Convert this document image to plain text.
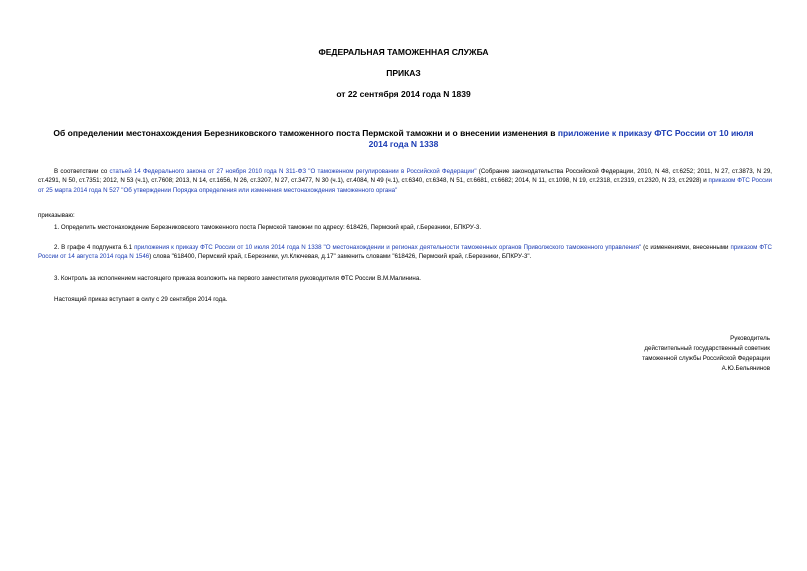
ФЕДЕРАЛЬНАЯ ТАМОЖЕННАЯ СЛУЖБА
ПРИКАЗ
от 22 сентября 2014 года N 1839
Об определении местонахождения Березниковского таможенного поста Пермской таможни и о внесении изменения в приложение к приказу ФТС России от 10 июля 2014 года N 1338
В соответствии со статьей 14 Федерального закона от 27 ноября 2010 года N 311-ФЗ "О таможенном регулировании в Российской Федерации" (Собрание законодательства Российской Федерации, 2010, N 48, ст.6252; 2011, N 27, ст.3873, N 29, ст.4291, N 50, ст.7351; 2012, N 53 (ч.1), ст.7608; 2013, N 14, ст.1656, N 26, ст.3207, N 27, ст.3477, N 30 (ч.1), ст.4084, N 49 (ч.1), ст.6340, ст.6348, N 51, ст.6681, ст.6682; 2014, N 11, ст.1098, N 19, ст.2318, ст.2319, ст.2320, N 23, ст.2928) и приказом ФТС России от 25 марта 2014 года N 527 "Об утверждении Порядка определения или изменения местонахождения таможенного органа"
приказываю:
1. Определить местонахождение Березниковского таможенного поста Пермской таможни по адресу: 618426, Пермский край, г.Березники, БПКРУ-3.
2. В графе 4 подпункта 6.1 приложения к приказу ФТС России от 10 июля 2014 года N 1338 "О местонахождении и регионах деятельности таможенных органов Приволжского таможенного управления" (с изменениями, внесенными приказом ФТС России от 14 августа 2014 года N 1546) слова "618400, Пермский край, г.Березники, ул.Ключевая, д.17" заменить словами "618426, Пермский край, г.Березники, БПКРУ-3".
3. Контроль за исполнением настоящего приказа возложить на первого заместителя руководителя ФТС России В.М.Малинина.
Настоящий приказ вступает в силу с 29 сентября 2014 года.
Руководитель
действительный государственный советник
таможенной службы Российской Федерации
А.Ю.Бельянинов
